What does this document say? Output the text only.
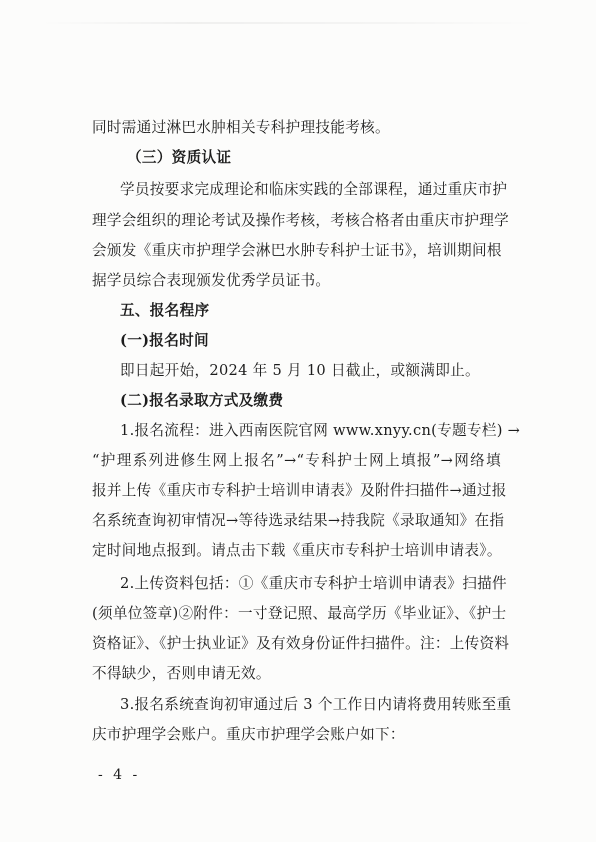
同时需通过淋巴水肿相关专科护理技能考核。
（三）资质认证
学员按要求完成理论和临床实践的全部课程，通过重庆市护
理学会组织的理论考试及操作考核，考核合格者由重庆市护理学
会颁发《重庆市护理学会淋巴水肿专科护士证书》，培训期间根
据学员综合表现颁发优秀学员证书。
五、报名程序
(一)报名时间
即日起开始，2024 年 5 月 10 日截止，或额满即止。
(二)报名录取方式及缴费
1.报名流程：进入西南医院官网 www.xnyy.cn(专题专栏) →
“护理系列进修生网上报名”→“专科护士网上填报”→网络填
报并上传《重庆市专科护士培训申请表》及附件扫描件→通过报
名系统查询初审情况→等待选录结果→持我院《录取通知》在指
定时间地点报到。请点击下载《重庆市专科护士培训申请表》。
2.上传资料包括：①《重庆市专科护士培训申请表》扫描件
(须单位签章)②附件：一寸登记照、最高学历《毕业证》、《护士
资格证》、《护士执业证》及有效身份证件扫描件。注：上传资料
不得缺少，否则申请无效。
3.报名系统查询初审通过后 3 个工作日内请将费用转账至重
庆市护理学会账户。重庆市护理学会账户如下：
- 4 -
